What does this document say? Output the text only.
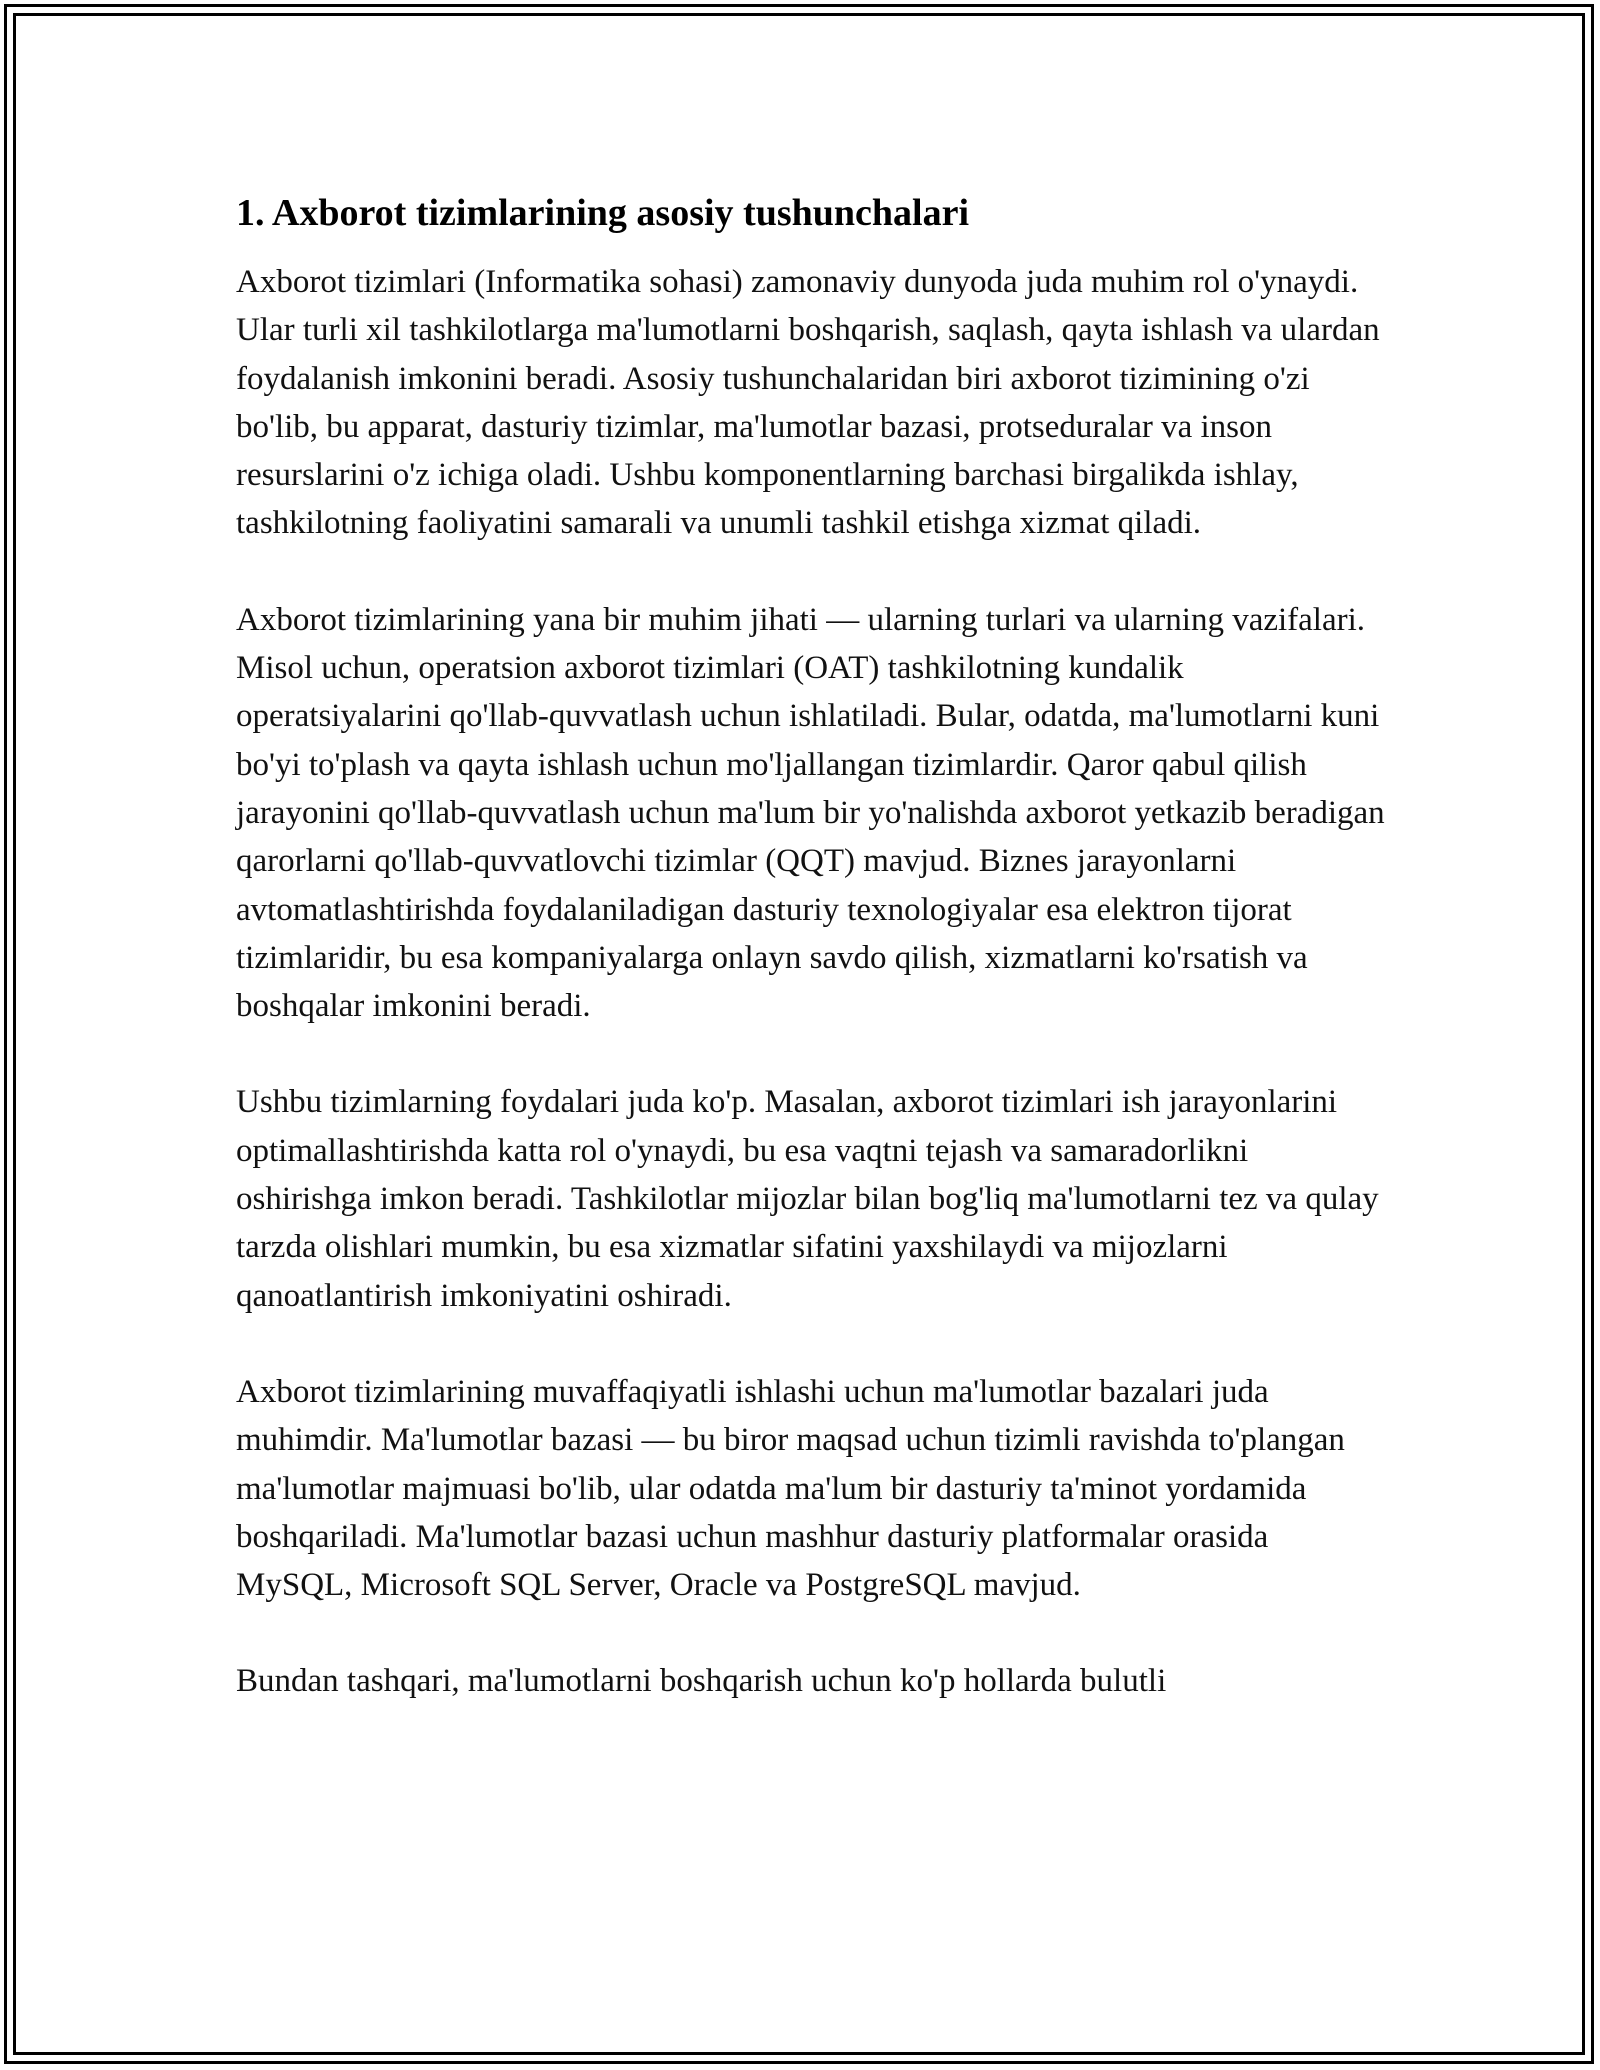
1. Axborot tizimlarining asosiy tushunchalari

Axborot tizimlari (Informatika sohasi) zamonaviy dunyoda juda muhim rol o'ynaydi. Ular turli xil tashkilotlarga ma'lumotlarni boshqarish, saqlash, qayta ishlash va ulardan foydalanish imkonini beradi. Asosiy tushunchalaridan biri axborot tizimining o'zi bo'lib, bu apparat, dasturiy tizimlar, ma'lumotlar bazasi, protseduralar va inson resurslarini o'z ichiga oladi. Ushbu komponentlarning barchasi birgalikda ishlay, tashkilotning faoliyatini samarali va unumli tashkil etishga xizmat qiladi.

Axborot tizimlarining yana bir muhim jihati — ularning turlari va ularning vazifalari. Misol uchun, operatsion axborot tizimlari (OAT) tashkilotning kundalik operatsiyalarini qo'llab-quvvatlash uchun ishlatiladi. Bular, odatda, ma'lumotlarni kuni bo'yi to'plash va qayta ishlash uchun mo'ljallangan tizimlardir. Qaror qabul qilish jarayonini qo'llab-quvvatlash uchun ma'lum bir yo'nalishda axborot yetkazib beradigan qarorlarni qo'llab-quvvatlovchi tizimlar (QQT) mavjud. Biznes jarayonlarni avtomatlashtirishda foydalaniladigan dasturiy texnologiyalar esa elektron tijorat tizimlaridir, bu esa kompaniyalarga onlayn savdo qilish, xizmatlarni ko'rsatish va boshqalar imkonini beradi.

Ushbu tizimlarning foydalari juda ko'p. Masalan, axborot tizimlari ish jarayonlarini optimallashtirishda katta rol o'ynaydi, bu esa vaqtni tejash va samaradorlikni oshirishga imkon beradi. Tashkilotlar mijozlar bilan bog'liq ma'lumotlarni tez va qulay tarzda olishlari mumkin, bu esa xizmatlar sifatini yaxshilaydi va mijozlarni qanoatlantirish imkoniyatini oshiradi.

Axborot tizimlarining muvaffaqiyatli ishlashi uchun ma'lumotlar bazalari juda muhimdir. Ma'lumotlar bazasi — bu biror maqsad uchun tizimli ravishda to'plangan ma'lumotlar majmuasi bo'lib, ular odatda ma'lum bir dasturiy ta'minot yordamida boshqariladi. Ma'lumotlar bazasi uchun mashhur dasturiy platformalar orasida MySQL, Microsoft SQL Server, Oracle va PostgreSQL mavjud.

Bundan tashqari, ma'lumotlarni boshqarish uchun ko'p hollarda bulutli
